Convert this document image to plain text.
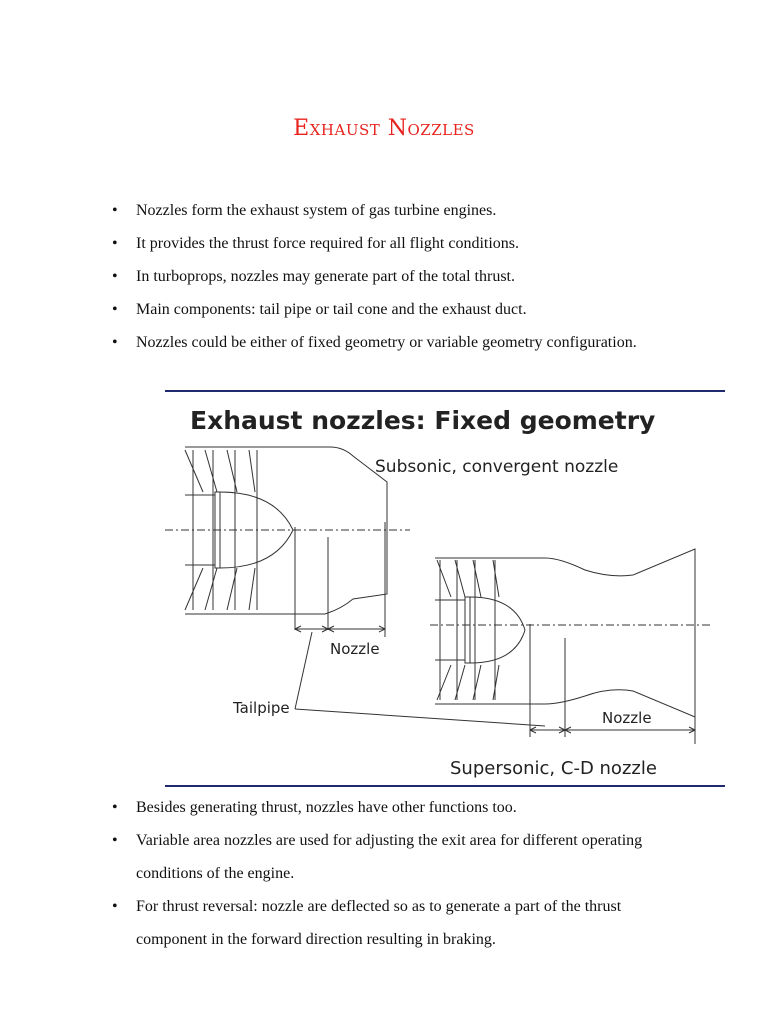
Exhaust Nozzles
• Nozzles form the exhaust system of gas turbine engines.
• It provides the thrust force required for all flight conditions.
• In turboprops, nozzles may generate part of the total thrust.
• Main components: tail pipe or tail cone and the exhaust duct.
• Nozzles could be either of fixed geometry or variable geometry configuration.
Exhaust nozzles: Fixed geometry
Subsonic, convergent nozzle
Nozzle
Nozzle
Tailpipe
Supersonic, C-D nozzle
• Besides generating thrust, nozzles have other functions too.
• Variable area nozzles are used for adjusting the exit area for different operating conditions of the engine.
• For thrust reversal: nozzle are deflected so as to generate a part of the thrust component in the forward direction resulting in braking.
